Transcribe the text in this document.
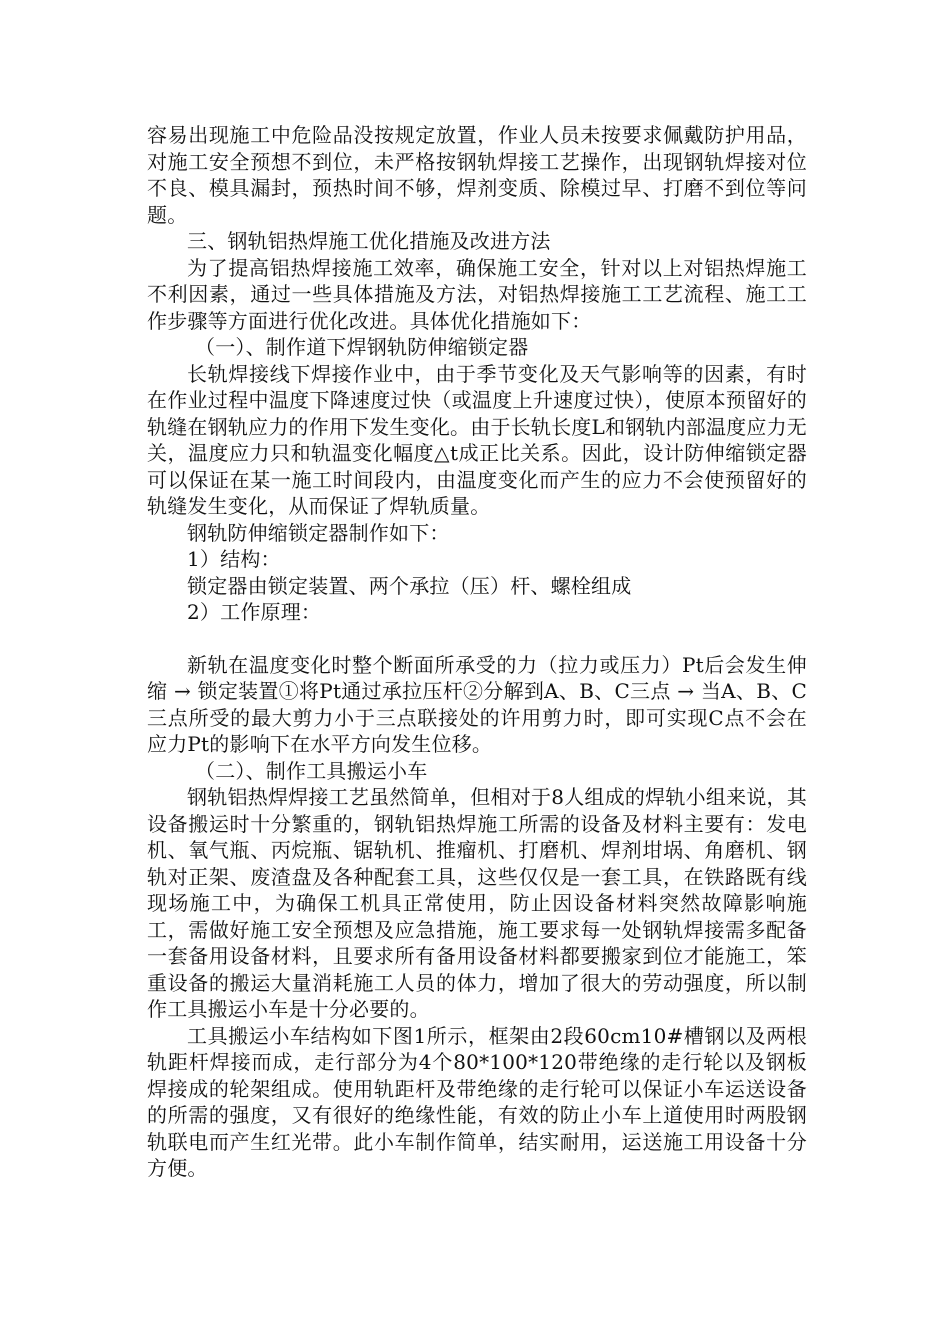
容易出现施工中危险品没按规定放置，作业人员未按要求佩戴防护用品，对施工安全预想不到位，未严格按钢轨焊接工艺操作，出现钢轨焊接对位不良、模具漏封，预热时间不够，焊剂变质、除模过早、打磨不到位等问题。

三、钢轨铝热焊施工优化措施及改进方法

为了提高铝热焊接施工效率，确保施工安全，针对以上对铝热焊施工不利因素，通过一些具体措施及方法，对铝热焊接施工工艺流程、施工工作步骤等方面进行优化改进。具体优化措施如下：

（一）、制作道下焊钢轨防伸缩锁定器

长轨焊接线下焊接作业中，由于季节变化及天气影响等的因素，有时在作业过程中温度下降速度过快（或温度上升速度过快），使原本预留好的轨缝在钢轨应力的作用下发生变化。由于长轨长度L和钢轨内部温度应力无关，温度应力只和轨温变化幅度△t成正比关系。因此，设计防伸缩锁定器可以保证在某一施工时间段内，由温度变化而产生的应力不会使预留好的轨缝发生变化，从而保证了焊轨质量。

钢轨防伸缩锁定器制作如下：

1）结构：

锁定器由锁定装置、两个承拉（压）杆、螺栓组成

2）工作原理：

新轨在温度变化时整个断面所承受的力（拉力或压力）Pt后会发生伸缩 → 锁定装置①将Pt通过承拉压杆②分解到A、B、C三点 → 当A、B、C三点所受的最大剪力小于三点联接处的许用剪力时，即可实现C点不会在应力Pt的影响下在水平方向发生位移。

（二）、制作工具搬运小车

钢轨铝热焊焊接工艺虽然简单，但相对于8人组成的焊轨小组来说，其设备搬运时十分繁重的，钢轨铝热焊施工所需的设备及材料主要有：发电机、氧气瓶、丙烷瓶、锯轨机、推瘤机、打磨机、焊剂坩埚、角磨机、钢轨对正架、废渣盘及各种配套工具，这些仅仅是一套工具，在铁路既有线现场施工中，为确保工机具正常使用，防止因设备材料突然故障影响施工，需做好施工安全预想及应急措施，施工要求每一处钢轨焊接需多配备一套备用设备材料，且要求所有备用设备材料都要搬家到位才能施工，笨重设备的搬运大量消耗施工人员的体力，增加了很大的劳动强度，所以制作工具搬运小车是十分必要的。

工具搬运小车结构如下图1所示，框架由2段60cm10#槽钢以及两根轨距杆焊接而成，走行部分为4个80*100*120带绝缘的走行轮以及钢板焊接成的轮架组成。使用轨距杆及带绝缘的走行轮可以保证小车运送设备的所需的强度，又有很好的绝缘性能，有效的防止小车上道使用时两股钢轨联电而产生红光带。此小车制作简单，结实耐用，运送施工用设备十分方便。
